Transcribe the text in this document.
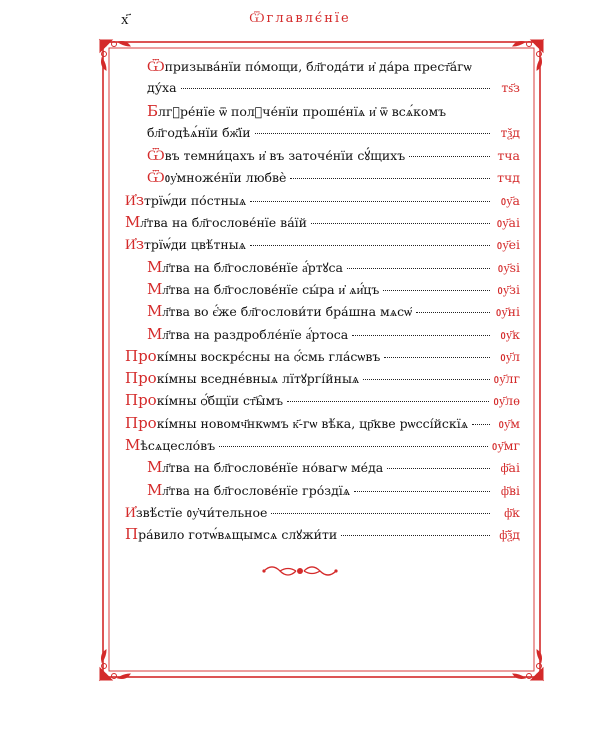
х҃	Ѿглавлє́нїе
Ѿ призыва́нїи по́мощи, бл҃года́ти и҆ да́ра прест҃а́гѡ
ду́ха	тѕ҃з
Б лгⷣре́нїе ѿ полꙋче́нїи проше́нїѧ и҆ ѿ всѧ́комъ
бл҃годѣѧ́нїи бж҃їи	тѯд
Ѿ въ темни́цахъ и҆ въ заточе́нїи сꙋ́щихъ	тча
Ѿ ᲂу҆множе́нїи любвѐ	тчд
И҆з трїѡ́ди по́стныѧ	ᲂу҃а
М л҃тва на бл҃гослове́нїе ва́їй	ᲂу҃аі
И҆з трїѡ́ди цвѣ́тныѧ	ᲂу҃еі
М л҃тва на бл҃гослове́нїе а҆́ртꙋса	ᲂу҃ѕі
М л҃тва на бл҃гослове́нїе сы́ра и҆ ѧи҆́цъ	ᲂу҃зі
М л҃тва во є҆́же бл҃гослови́ти бра́шна мѧсѡ̑	ᲂу҃ні
М л҃тва на раздробле́нїе а҆́ртоса	ᲂу҃к
Про кі́мны воскрє́сны на ѻ҆́смь гла́сѡвъ	ᲂу҃л
Про кі́мны вседне́вныѧ лїтꙋргі́йныѧ	ᲂу҃лг
Про кі́мны ѻ҆́бщїи ст҃ы̑мъ	ᲂу҃лѳ
Про кі́мны новомч҃нкѡмъ к҃-гѡ вѣ́ка, цр҃кве рѡссі́йскїѧ	ᲂу҃м
М ѣсѧцесло́въ	ᲂу҃мг
М л҃тва на бл҃гослове́нїе но́вагѡ ме́да	ф҃аі
М л҃тва на бл҃гослове́нїе гро́здїѧ	ф҃ві
И҆ звѣ́стїе ᲂу҆чи́тельное	ф҃к
П ра́вило готѡ́вѧщымсѧ слꙋжи́ти	ф҃ѯд
